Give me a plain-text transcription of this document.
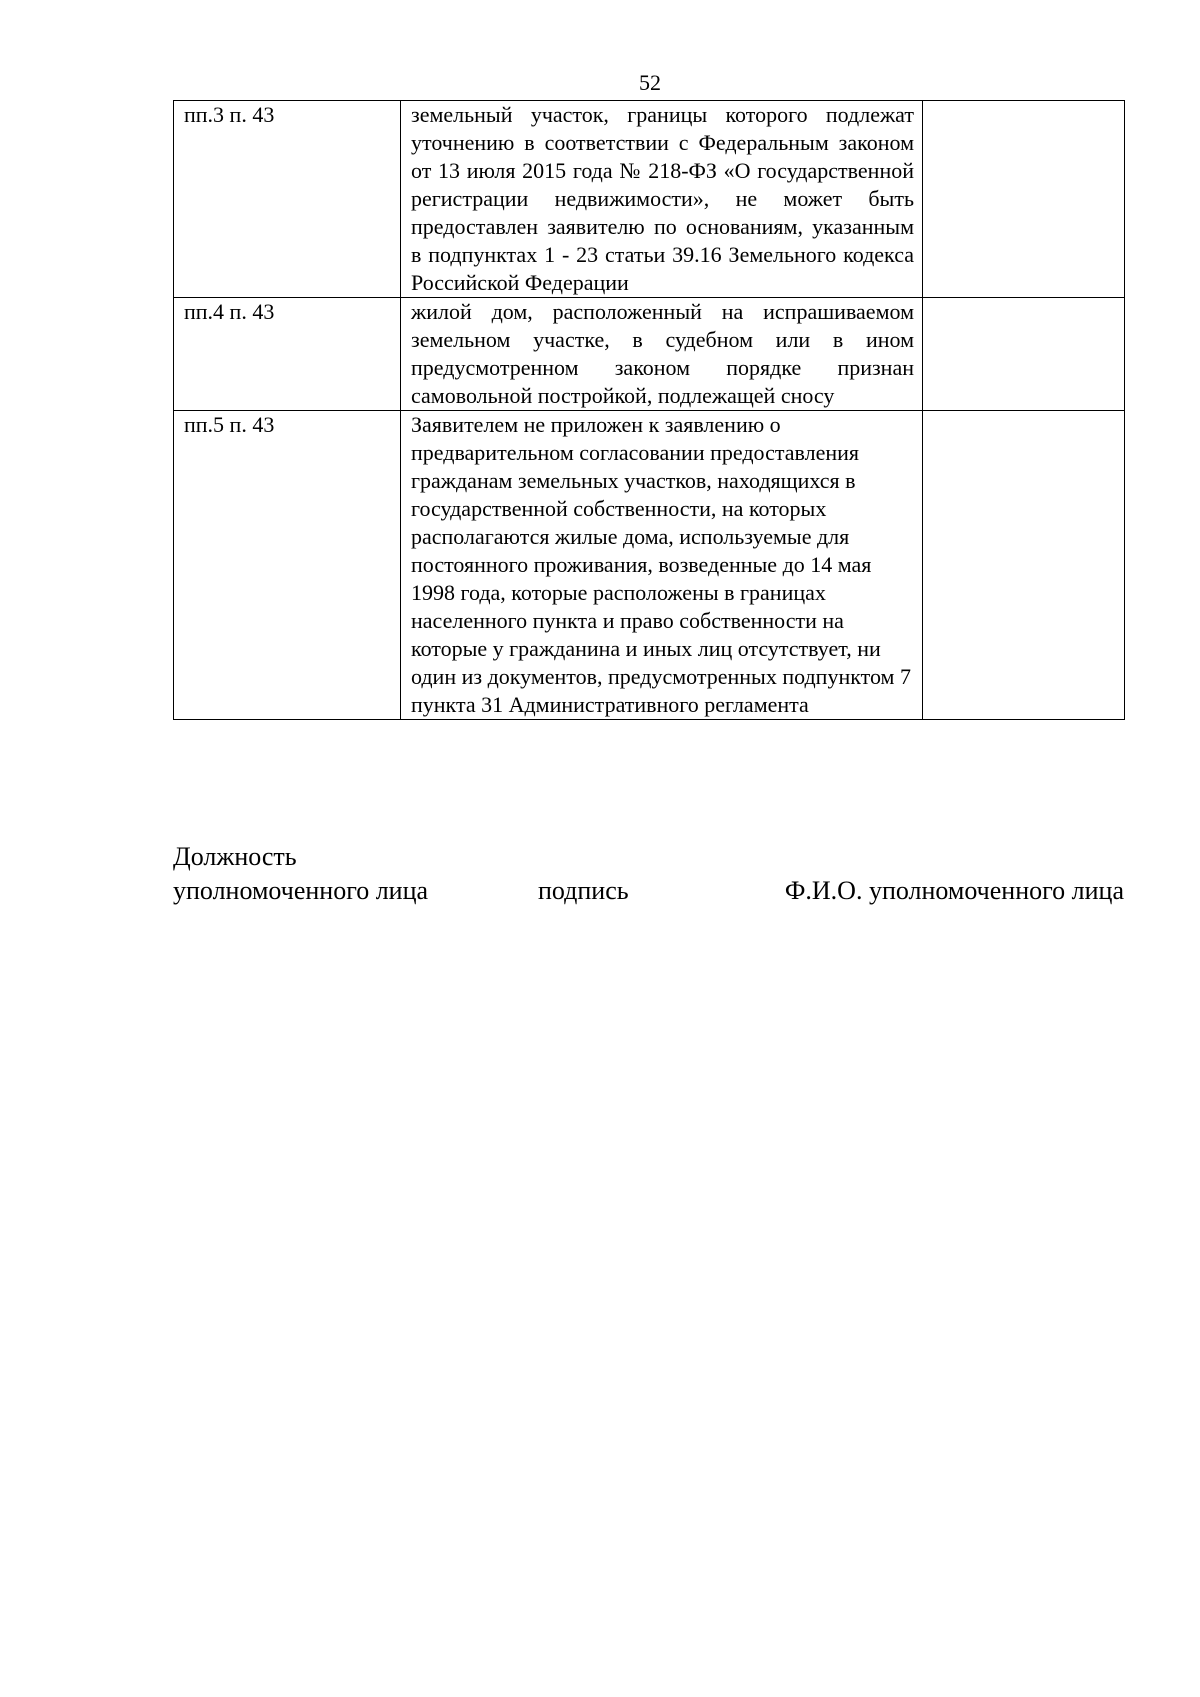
52
пп.3 п. 43	земельный участок, границы которого подлежат уточнению в соответствии с Федеральным законом от 13 июля 2015 года № 218-ФЗ «О государственной регистрации недвижимости», не может быть предоставлен заявителю по основаниям, указанным в подпунктах 1 - 23 статьи 39.16 Земельного кодекса Российской Федерации	
пп.4 п. 43	жилой дом, расположенный на испрашиваемом земельном участке, в судебном или в ином предусмотренном законом порядке признан самовольной постройкой, подлежащей сносу	
пп.5 п. 43	Заявителем не приложен к заявлению о предварительном согласовании предоставления гражданам земельных участков, находящихся в государственной собственности, на которых располагаются жилые дома, используемые для постоянного проживания, возведенные до 14 мая 1998 года, которые расположены в границах населенного пункта и право собственности на которые у гражданина и иных лиц отсутствует, ни один из документов, предусмотренных подпунктом 7 пункта 31 Административного регламента	
Должность
уполномоченного лица	подпись	Ф.И.О. уполномоченного лица
